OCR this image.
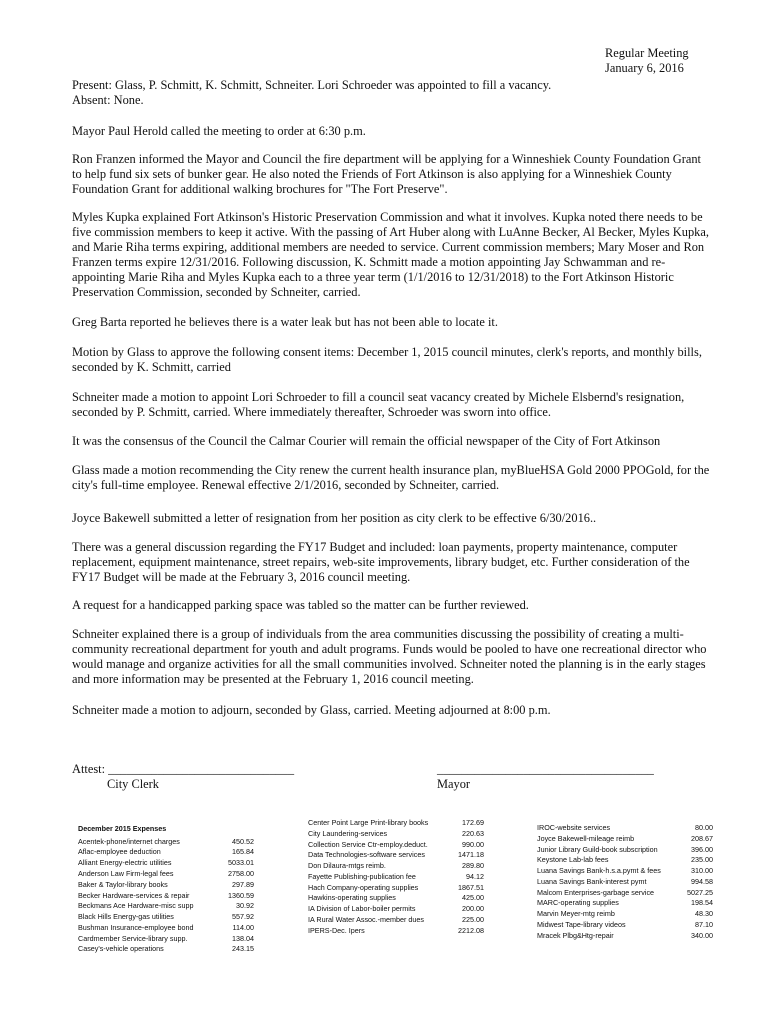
Regular Meeting
January 6, 2016
Present: Glass, P. Schmitt, K. Schmitt, Schneiter. Lori Schroeder was appointed to fill a vacancy.
Absent: None.
Mayor Paul Herold called the meeting to order at 6:30 p.m.
Ron Franzen informed the Mayor and Council the fire department will be applying for a Winneshiek County Foundation Grant to help fund six sets of bunker gear. He also noted the Friends of Fort Atkinson is also applying for a Winneshiek County Foundation Grant for additional walking brochures for "The Fort Preserve".
Myles Kupka explained Fort Atkinson's Historic Preservation Commission and what it involves. Kupka noted there needs to be five commission members to keep it active. With the passing of Art Huber along with LuAnne Becker, Al Becker, Myles Kupka, and Marie Riha terms expiring, additional members are needed to service. Current commission members; Mary Moser and Ron Franzen terms expire 12/31/2016. Following discussion, K. Schmitt made a motion appointing Jay Schwamman and re-appointing Marie Riha and Myles Kupka each to a three year term (1/1/2016 to 12/31/2018) to the Fort Atkinson Historic Preservation Commission, seconded by Schneiter, carried.
Greg Barta reported he believes there is a water leak but has not been able to locate it.
Motion by Glass to approve the following consent items: December 1, 2015 council minutes, clerk's reports, and monthly bills, seconded by K. Schmitt, carried
Schneiter made a motion to appoint Lori Schroeder to fill a council seat vacancy created by Michele Elsbernd's resignation, seconded by P. Schmitt, carried. Where immediately thereafter, Schroeder was sworn into office.
It was the consensus of the Council the Calmar Courier will remain the official newspaper of the City of Fort Atkinson
Glass made a motion recommending the City renew the current health insurance plan, myBlueHSA Gold 2000 PPOGold, for the city's full-time employee. Renewal effective 2/1/2016, seconded by Schneiter, carried.
Joyce Bakewell submitted a letter of resignation from her position as city clerk to be effective 6/30/2016..
There was a general discussion regarding the FY17 Budget and included: loan payments, property maintenance, computer replacement, equipment maintenance, street repairs, web-site improvements, library budget, etc. Further consideration of the FY17 Budget will be made at the February 3, 2016 council meeting.
A request for a handicapped parking space was tabled so the matter can be further reviewed.
Schneiter explained there is a group of individuals from the area communities discussing the possibility of creating a multi-community recreational department for youth and adult programs. Funds would be pooled to have one recreational director who would manage and organize activities for all the small communities involved. Schneiter noted the planning is in the early stages and more information may be presented at the February 1, 2016 council meeting.
Schneiter made a motion to adjourn, seconded by Glass, carried. Meeting adjourned at 8:00 p.m.
Attest: ______________________________	___________________________________
City Clerk	Mayor
December 2015 Expenses
Acentek-phone/internet charges	450.52
Aflac-employee deduction	165.84
Alliant Energy-electric utilities	5033.01
Anderson Law Firm-legal fees	2758.00
Baker & Taylor-library books	297.89
Becker Hardware-services & repair	1360.59
Beckmans Ace Hardware-misc supp	30.92
Black Hills Energy-gas utilities	557.92
Bushman Insurance-employee bond	114.00
Cardmember Service-library supp.	138.04
Casey's-vehicle operations	243.15
Center Point Large Print-library books	172.69
City Laundering-services	220.63
Collection Service Ctr-employ.deduct.	990.00
Data Technologies-software services	1471.18
Don Dilaura-mtgs reimb.	289.80
Fayette Publishing-publication fee	94.12
Hach Company-operating supplies	1867.51
Hawkins-operating supplies	425.00
IA Division of Labor-boiler permits	200.00
IA Rural Water Assoc.-member dues	225.00
IPERS-Dec. Ipers	2212.08
IROC-website services	80.00
Joyce Bakewell-mileage reimb	208.67
Junior Library Guild-book subscription	396.00
Keystone Lab-lab fees	235.00
Luana Savings Bank-h.s.a.pymt & fees	310.00
Luana Savings Bank-interest pymt	994.58
Malcom Enterprises-garbage service	5027.25
MARC-operating supplies	198.54
Marvin Meyer-mtg reimb	48.30
Midwest Tape-library videos	87.10
Mracek Plbg&Htg-repair	340.00
